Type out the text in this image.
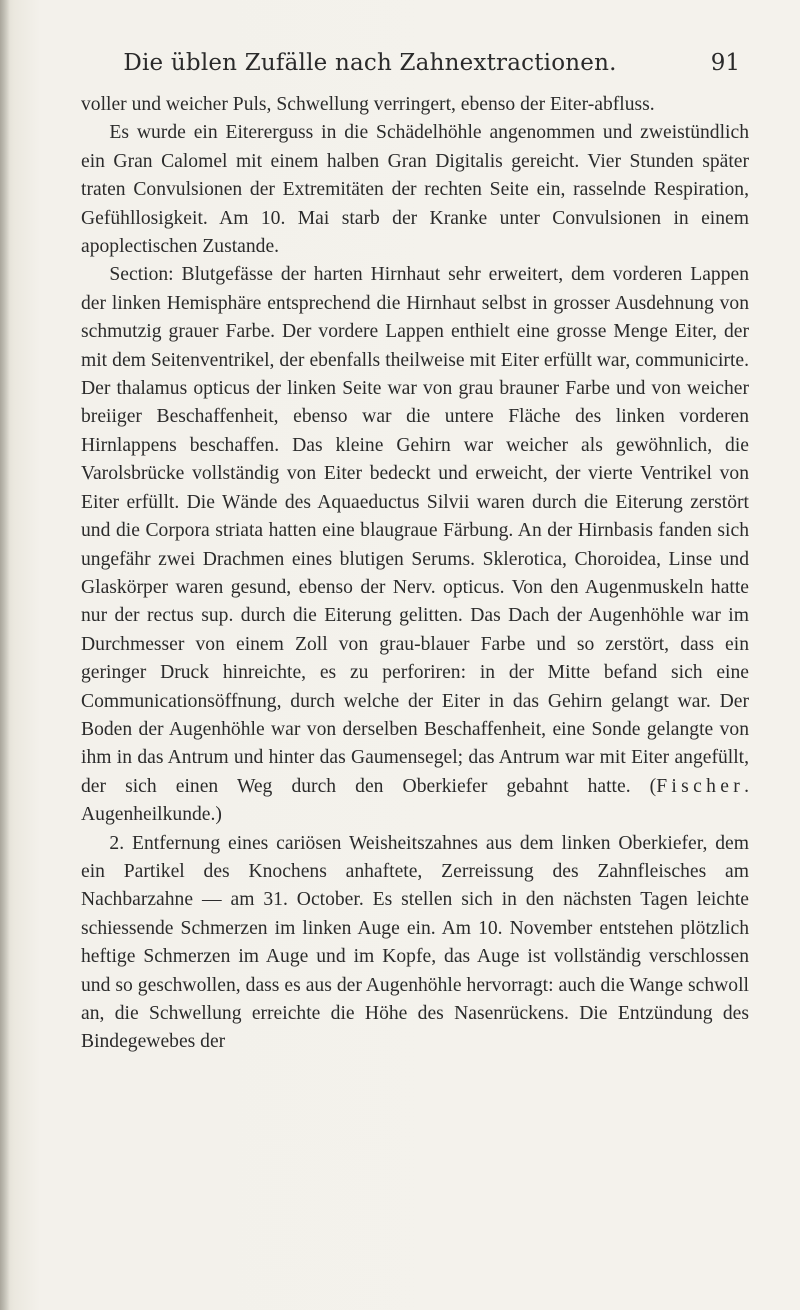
Die üblen Zufälle nach Zahnextractionen.	91

voller und weicher Puls, Schwellung verringert, ebenso der Eiter-abfluss.

Es wurde ein Eitererguss in die Schädelhöhle angenommen und zweistündlich ein Gran Calomel mit einem halben Gran Digitalis gereicht. Vier Stunden später traten Convulsionen der Extremitäten der rechten Seite ein, rasselnde Respiration, Gefühllosigkeit. Am 10. Mai starb der Kranke unter Convulsionen in einem apoplectischen Zustande.

Section: Blutgefässe der harten Hirnhaut sehr erweitert, dem vorderen Lappen der linken Hemisphäre entsprechend die Hirnhaut selbst in grosser Ausdehnung von schmutzig grauer Farbe. Der vordere Lappen enthielt eine grosse Menge Eiter, der mit dem Seitenventrikel, der ebenfalls theilweise mit Eiter erfüllt war, communicirte. Der thalamus opticus der linken Seite war von grau brauner Farbe und von weicher breiiger Beschaffenheit, ebenso war die untere Fläche des linken vorderen Hirnlappens beschaffen. Das kleine Gehirn war weicher als gewöhnlich, die Varolsbrücke vollständig von Eiter bedeckt und erweicht, der vierte Ventrikel von Eiter erfüllt. Die Wände des Aquaeductus Silvii waren durch die Eiterung zerstört und die Corpora striata hatten eine blaugraue Färbung. An der Hirnbasis fanden sich ungefähr zwei Drachmen eines blutigen Serums. Sklerotica, Choroidea, Linse und Glaskörper waren gesund, ebenso der Nerv. opticus. Von den Augenmuskeln hatte nur der rectus sup. durch die Eiterung gelitten. Das Dach der Augenhöhle war im Durchmesser von einem Zoll von grau-blauer Farbe und so zerstört, dass ein geringer Druck hinreichte, es zu perforiren: in der Mitte befand sich eine Communicationsöffnung, durch welche der Eiter in das Gehirn gelangt war. Der Boden der Augenhöhle war von derselben Beschaffenheit, eine Sonde gelangte von ihm in das Antrum und hinter das Gaumensegel; das Antrum war mit Eiter angefüllt, der sich einen Weg durch den Oberkiefer gebahnt hatte. (Fischer. Augenheilkunde.)

2. Entfernung eines cariösen Weisheitszahnes aus dem linken Oberkiefer, dem ein Partikel des Knochens anhaftete, Zerreissung des Zahnfleisches am Nachbarzahne — am 31. October. Es stellen sich in den nächsten Tagen leichte schiessende Schmerzen im linken Auge ein. Am 10. November entstehen plötzlich heftige Schmerzen im Auge und im Kopfe, das Auge ist vollständig verschlossen und so geschwollen, dass es aus der Augenhöhle hervorragt: auch die Wange schwoll an, die Schwellung erreichte die Höhe des Nasenrückens. Die Entzündung des Bindegewebes der
